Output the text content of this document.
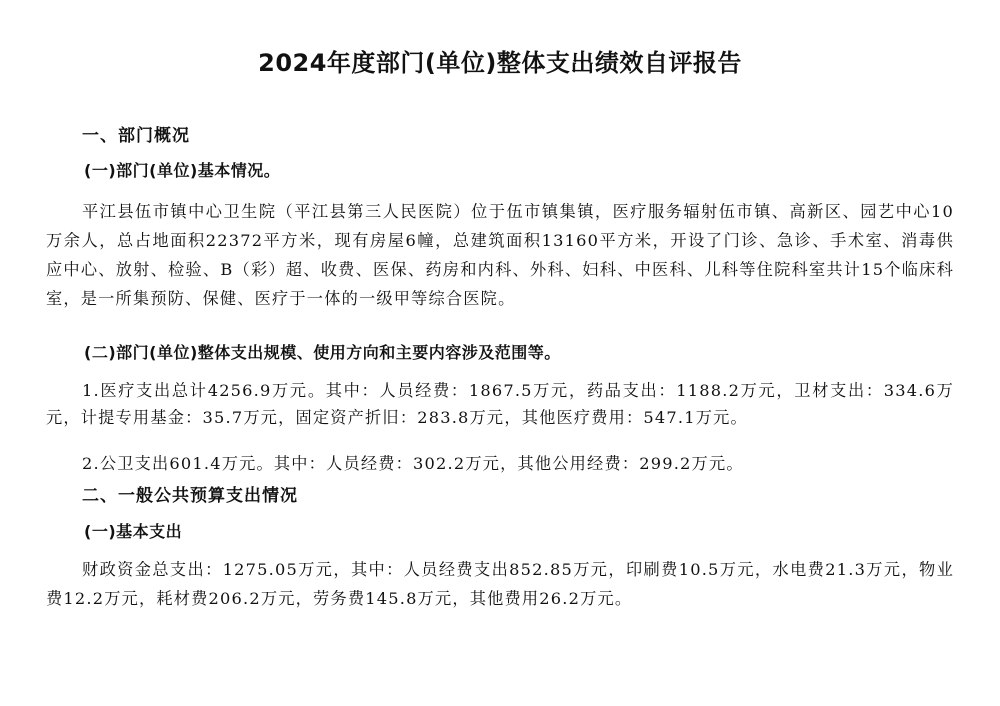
2024年度部门(单位)整体支出绩效自评报告
一、部门概况
(一)部门(单位)基本情况。
平江县伍市镇中心卫生院（平江县第三人民医院）位于伍市镇集镇，医疗服务辐射伍市镇、高新区、园艺中心10万余人，总占地面积22372平方米，现有房屋6幢，总建筑面积13160平方米，开设了门诊、急诊、手术室、消毒供应中心、放射、检验、B（彩）超、收费、医保、药房和内科、外科、妇科、中医科、儿科等住院科室共计15个临床科室，是一所集预防、保健、医疗于一体的一级甲等综合医院。
(二)部门(单位)整体支出规模、使用方向和主要内容涉及范围等。
1.医疗支出总计4256.9万元。其中：人员经费：1867.5万元，药品支出：1188.2万元，卫材支出：334.6万元，计提专用基金：35.7万元，固定资产折旧：283.8万元，其他医疗费用：547.1万元。
2.公卫支出601.4万元。其中：人员经费：302.2万元，其他公用经费：299.2万元。
二、一般公共预算支出情况
(一)基本支出
财政资金总支出：1275.05万元，其中：人员经费支出852.85万元，印刷费10.5万元，水电费21.3万元，物业费12.2万元，耗材费206.2万元，劳务费145.8万元，其他费用26.2万元。
